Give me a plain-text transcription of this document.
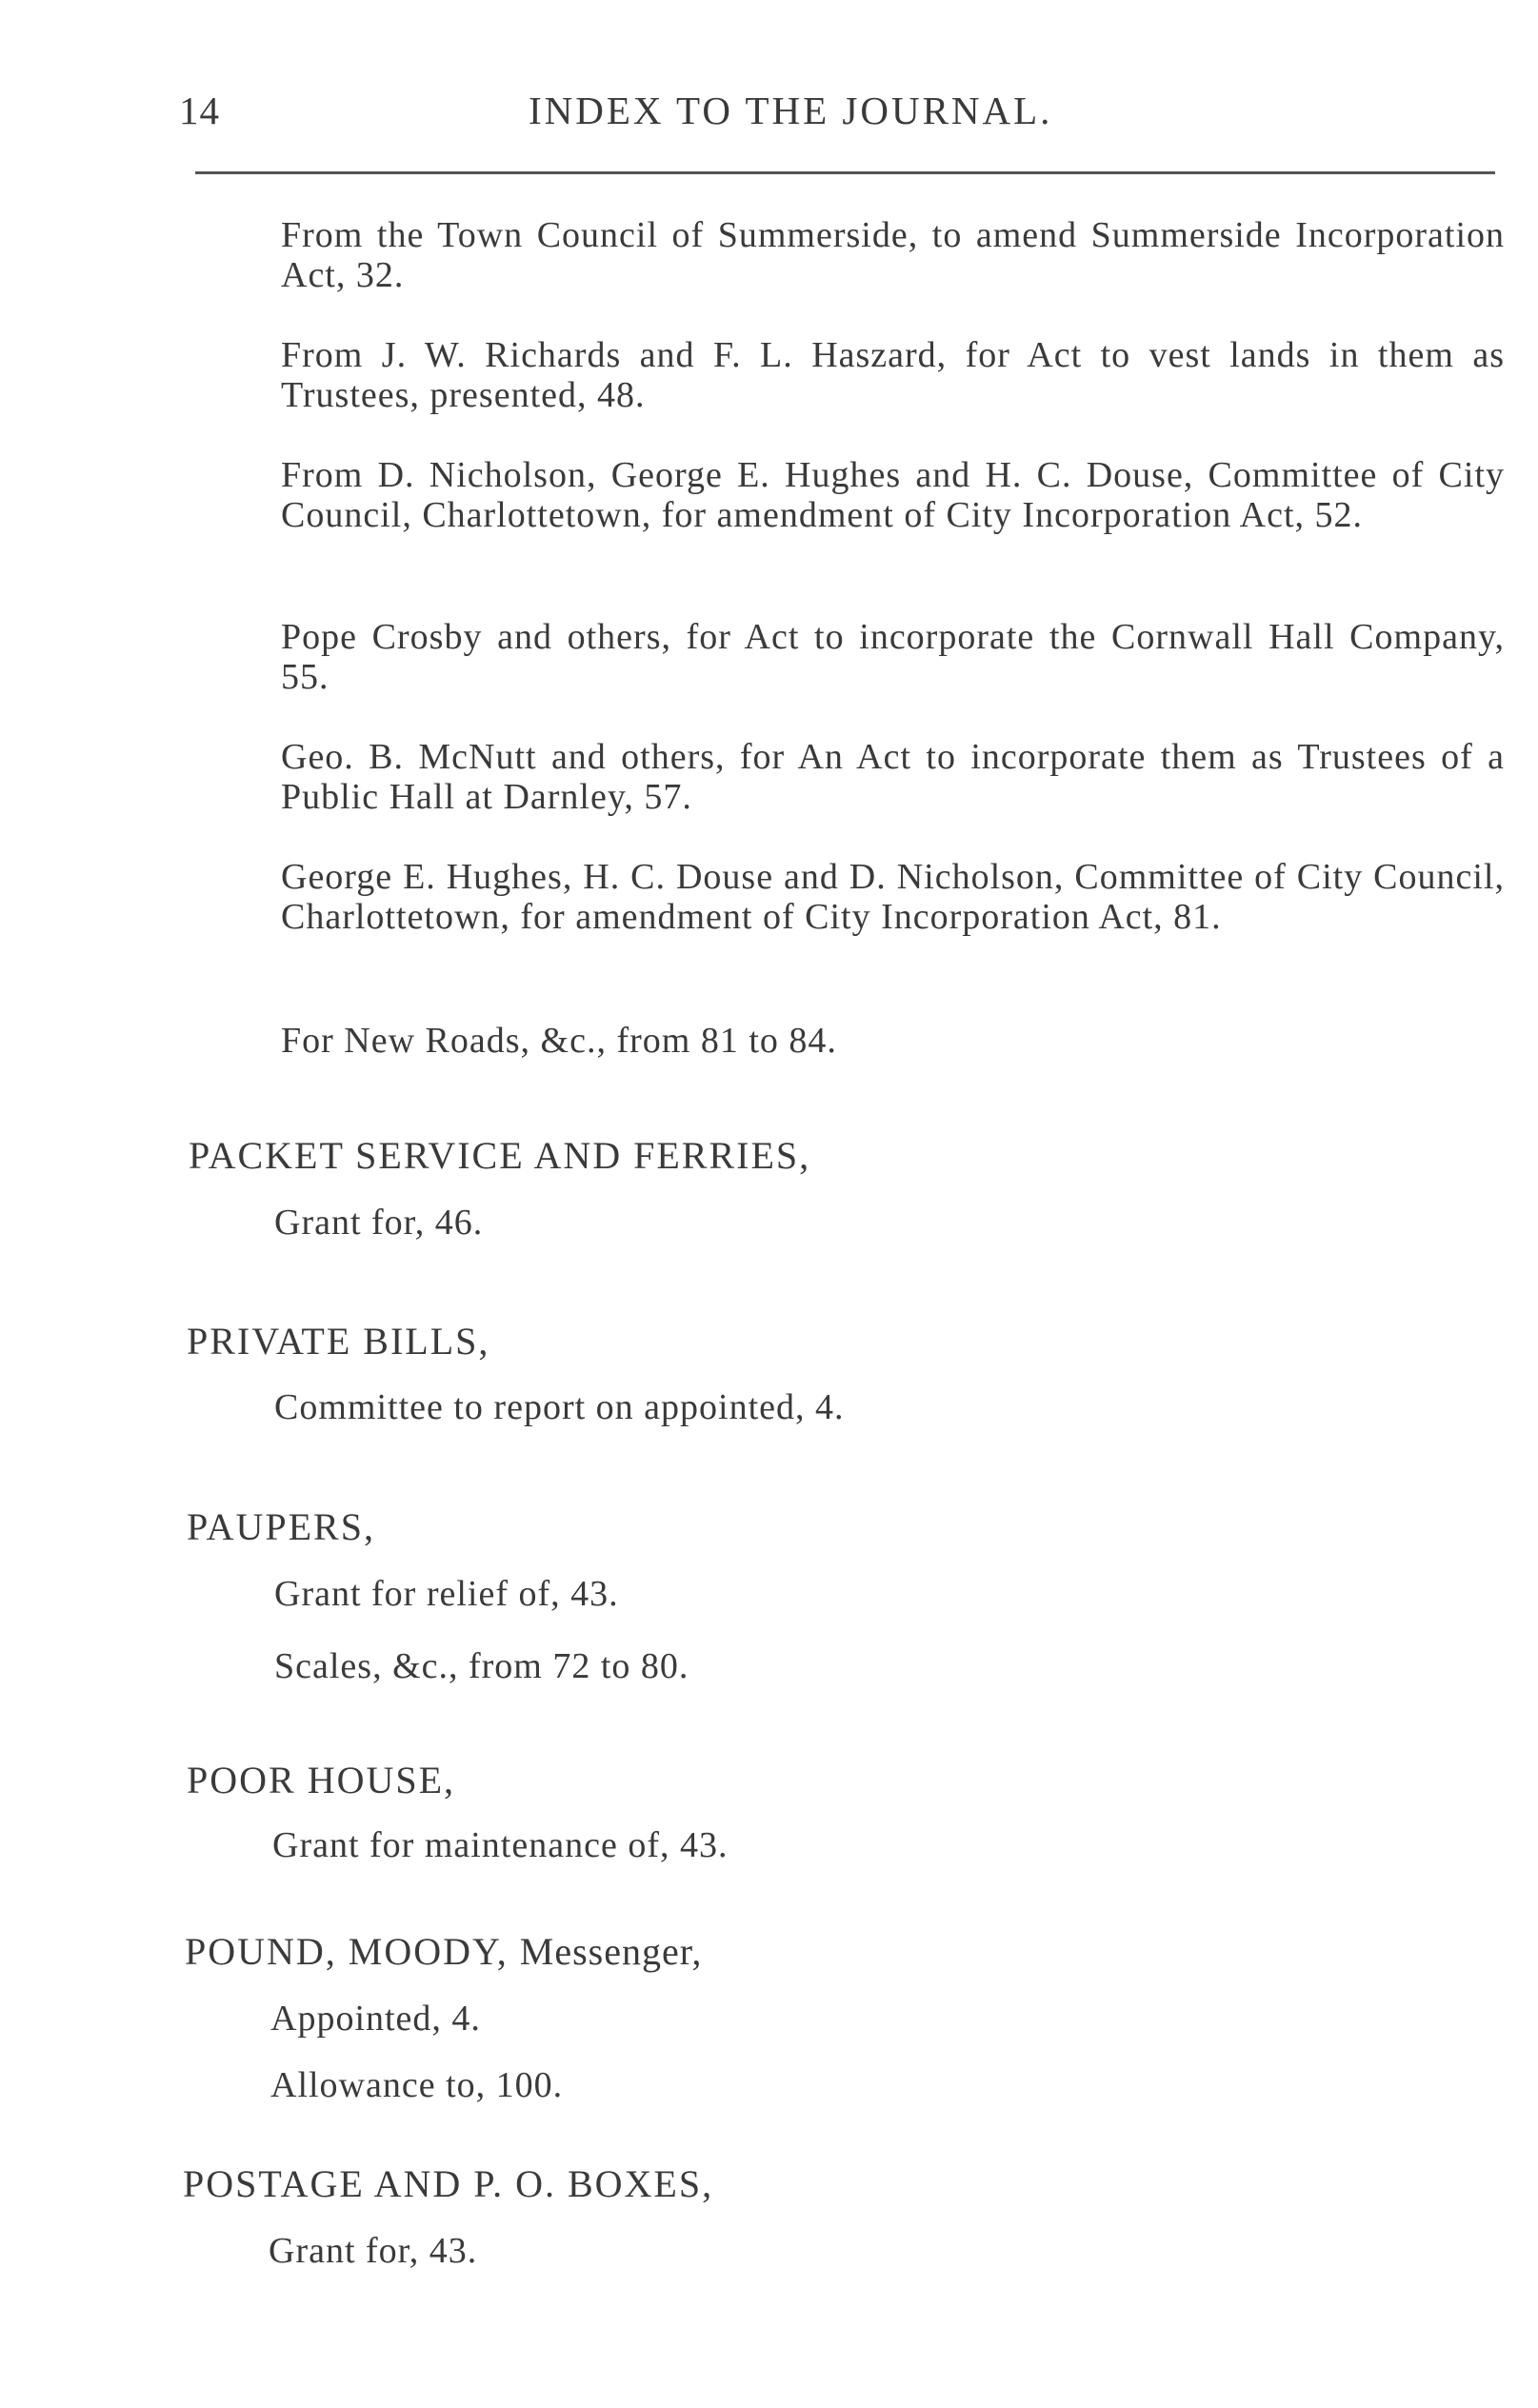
14	INDEX TO THE JOURNAL.

From the Town Council of Summerside, to amend Summerside Incorporation Act, 32.

From J. W. Richards and F. L. Haszard, for Act to vest lands in them as Trustees, presented, 48.

From D. Nicholson, George E. Hughes and H. C. Douse, Committee of City Council, Charlottetown, for amendment of City Incorporation Act, 52.

Pope Crosby and others, for Act to incorporate the Cornwall Hall Company, 55.

Geo. B. McNutt and others, for An Act to incorporate them as Trustees of a Public Hall at Darnley, 57.

George E. Hughes, H. C. Douse and D. Nicholson, Committee of City Council, Charlottetown, for amendment of City Incorporation Act, 81.

For New Roads, &c., from 81 to 84.

PACKET SERVICE AND FERRIES,
Grant for, 46.
PRIVATE BILLS,
Committee to report on appointed, 4.
PAUPERS,
Grant for relief of, 43.
Scales, &c., from 72 to 80.
POOR HOUSE,
Grant for maintenance of, 43.
POUND, MOODY, Messenger,
Appointed, 4.
Allowance to, 100.
POSTAGE AND P. O. BOXES,
Grant for, 43.
